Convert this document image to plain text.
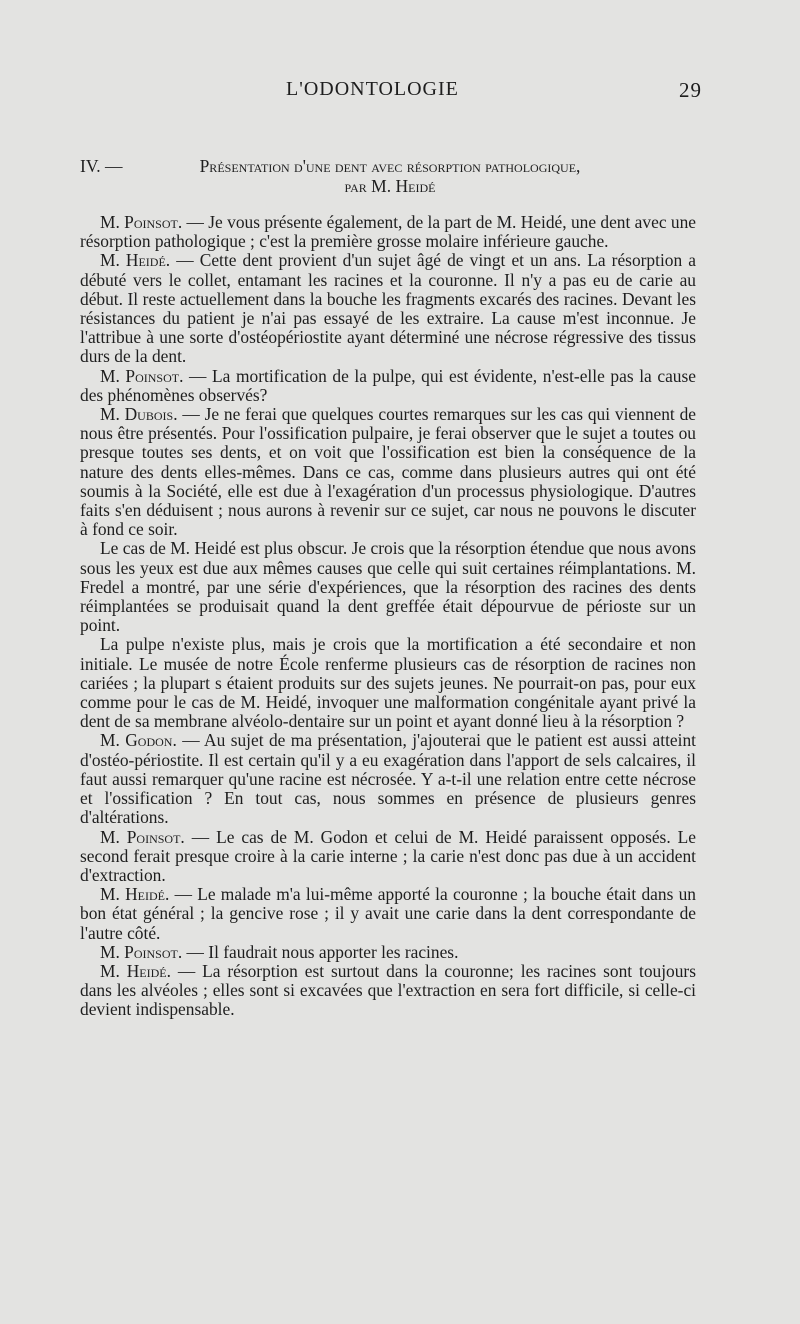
L'ODONTOLOGIE	29
IV. —	Présentation d'une dent avec résorption pathologique,
par M. Heidé

M. Poinsot. — Je vous présente également, de la part de M. Heidé, une dent avec une résorption pathologique ; c'est la première grosse molaire inférieure gauche.

M. Heidé. — Cette dent provient d'un sujet âgé de vingt et un ans. La résorption a débuté vers le collet, entamant les racines et la couronne. Il n'y a pas eu de carie au début. Il reste actuellement dans la bouche les fragments excarés des racines. Devant les résistances du patient je n'ai pas essayé de les extraire. La cause m'est inconnue. Je l'attribue à une sorte d'ostéopériostite ayant déterminé une nécrose régressive des tissus durs de la dent.

M. Poinsot. — La mortification de la pulpe, qui est évidente, n'est-elle pas la cause des phénomènes observés?

M. Dubois. — Je ne ferai que quelques courtes remarques sur les cas qui viennent de nous être présentés. Pour l'ossification pulpaire, je ferai observer que le sujet a toutes ou presque toutes ses dents, et on voit que l'ossification est bien la conséquence de la nature des dents elles-mêmes. Dans ce cas, comme dans plusieurs autres qui ont été soumis à la Société, elle est due à l'exagération d'un processus physiologique. D'autres faits s'en déduisent ; nous aurons à revenir sur ce sujet, car nous ne pouvons le discuter à fond ce soir.

Le cas de M. Heidé est plus obscur. Je crois que la résorption étendue que nous avons sous les yeux est due aux mêmes causes que celle qui suit certaines réimplantations. M. Fredel a montré, par une série d'expériences, que la résorption des racines des dents réimplantées se produisait quand la dent greffée était dépourvue de périoste sur un point.

La pulpe n'existe plus, mais je crois que la mortification a été secondaire et non initiale. Le musée de notre École renferme plusieurs cas de résorption de racines non cariées ; la plupart s étaient produits sur des sujets jeunes. Ne pourrait-on pas, pour eux comme pour le cas de M. Heidé, invoquer une malformation congénitale ayant privé la dent de sa membrane alvéolo-dentaire sur un point et ayant donné lieu à la résorption ?

M. Godon. — Au sujet de ma présentation, j'ajouterai que le patient est aussi atteint d'ostéo-périostite. Il est certain qu'il y a eu exagération dans l'apport de sels calcaires, il faut aussi remarquer qu'une racine est nécrosée. Y a-t-il une relation entre cette nécrose et l'ossification ? En tout cas, nous sommes en présence de plusieurs genres d'altérations.

M. Poinsot. — Le cas de M. Godon et celui de M. Heidé paraissent opposés. Le second ferait presque croire à la carie interne ; la carie n'est donc pas due à un accident d'extraction.

M. Heidé. — Le malade m'a lui-même apporté la couronne ; la bouche était dans un bon état général ; la gencive rose ; il y avait une carie dans la dent correspondante de l'autre côté.

M. Poinsot. — Il faudrait nous apporter les racines.

M. Heidé. — La résorption est surtout dans la couronne; les racines sont toujours dans les alvéoles ; elles sont si excavées que l'extraction en sera fort difficile, si celle-ci devient indispensable.
